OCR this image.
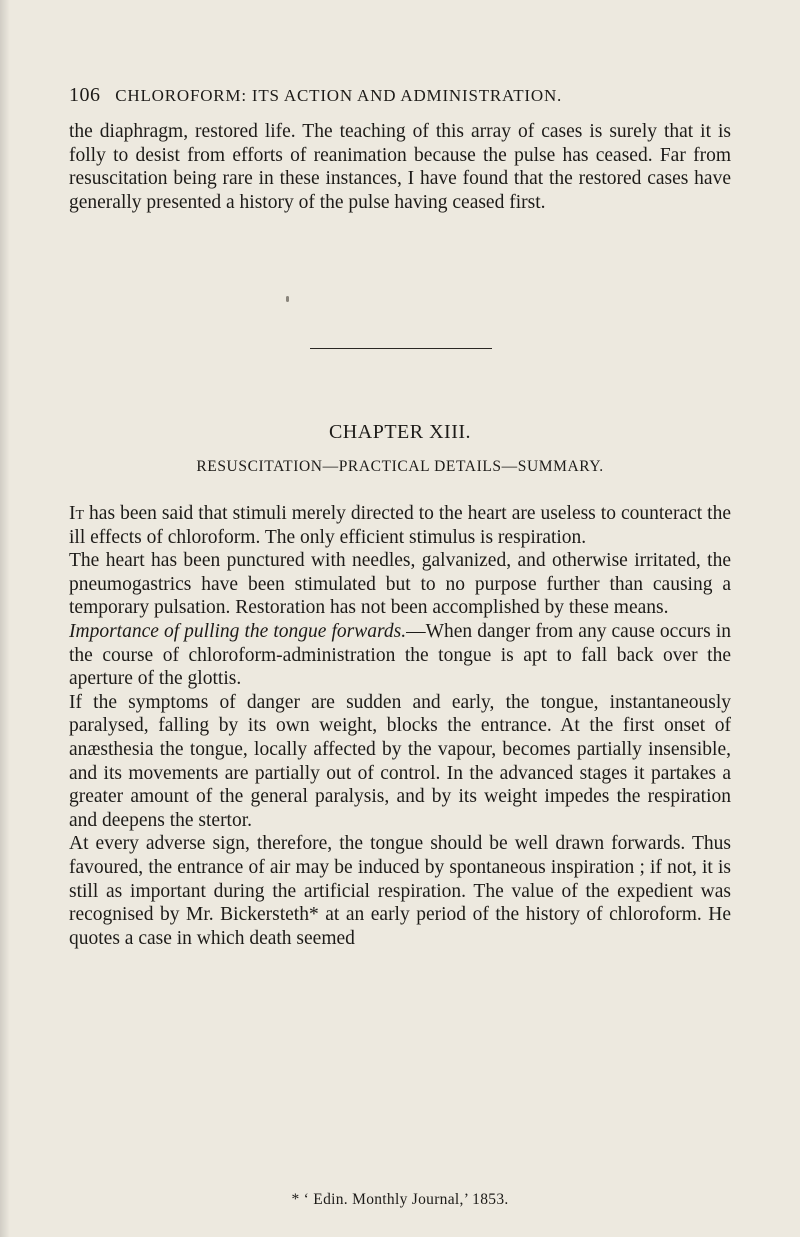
106 CHLOROFORM: ITS ACTION AND ADMINISTRATION.

the diaphragm, restored life. The teaching of this array of cases is surely that it is folly to desist from efforts of reanimation because the pulse has ceased. Far from resuscitation being rare in these instances, I have found that the restored cases have generally presented a history of the pulse having ceased first.

CHAPTER XIII.
RESUSCITATION—PRACTICAL DETAILS—SUMMARY.

It has been said that stimuli merely directed to the heart are useless to counteract the ill effects of chloroform. The only efficient stimulus is respiration.

The heart has been punctured with needles, galvanized, and otherwise irritated, the pneumogastrics have been stimulated but to no purpose further than causing a temporary pulsation. Restoration has not been accomplished by these means.

Importance of pulling the tongue forwards.—When danger from any cause occurs in the course of chloroform-administration the tongue is apt to fall back over the aperture of the glottis.

If the symptoms of danger are sudden and early, the tongue, instantaneously paralysed, falling by its own weight, blocks the entrance. At the first onset of anæsthesia the tongue, locally affected by the vapour, becomes partially insensible, and its movements are partially out of control. In the advanced stages it partakes a greater amount of the general paralysis, and by its weight impedes the respiration and deepens the stertor.

At every adverse sign, therefore, the tongue should be well drawn forwards. Thus favoured, the entrance of air may be induced by spontaneous inspiration ; if not, it is still as important during the artificial respiration. The value of the expedient was recognised by Mr. Bickersteth* at an early period of the history of chloroform. He quotes a case in which death seemed

* ‘ Edin. Monthly Journal,’ 1853.
